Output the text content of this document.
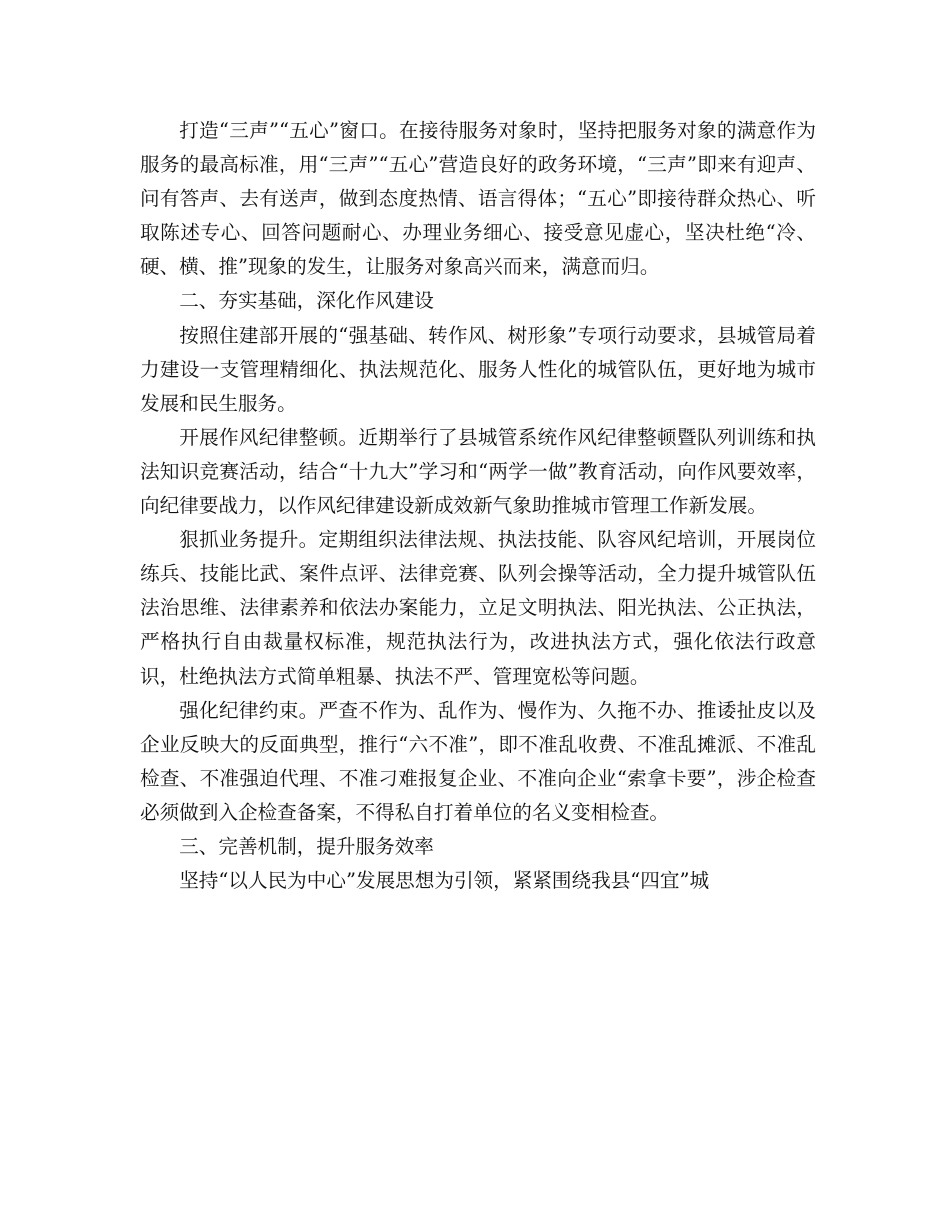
打造“三声”“五心”窗口。在接待服务对象时，坚持把服务对象的满意作为服务的最高标准，用“三声”“五心”营造良好的政务环境，“三声”即来有迎声、问有答声、去有送声，做到态度热情、语言得体；“五心”即接待群众热心、听取陈述专心、回答问题耐心、办理业务细心、接受意见虚心，坚决杜绝“冷、硬、横、推”现象的发生，让服务对象高兴而来，满意而归。

二、夯实基础，深化作风建设

按照住建部开展的“强基础、转作风、树形象”专项行动要求，县城管局着力建设一支管理精细化、执法规范化、服务人性化的城管队伍，更好地为城市发展和民生服务。

开展作风纪律整顿。近期举行了县城管系统作风纪律整顿暨队列训练和执法知识竞赛活动，结合“十九大”学习和“两学一做”教育活动，向作风要效率，向纪律要战力，以作风纪律建设新成效新气象助推城市管理工作新发展。

狠抓业务提升。定期组织法律法规、执法技能、队容风纪培训，开展岗位练兵、技能比武、案件点评、法律竞赛、队列会操等活动，全力提升城管队伍法治思维、法律素养和依法办案能力，立足文明执法、阳光执法、公正执法，严格执行自由裁量权标准，规范执法行为，改进执法方式，强化依法行政意识，杜绝执法方式简单粗暴、执法不严、管理宽松等问题。

强化纪律约束。严查不作为、乱作为、慢作为、久拖不办、推诿扯皮以及企业反映大的反面典型，推行“六不准”，即不准乱收费、不准乱摊派、不准乱检查、不准强迫代理、不准刁难报复企业、不准向企业“索拿卡要”，涉企检查必须做到入企检查备案，不得私自打着单位的名义变相检查。

三、完善机制，提升服务效率

坚持“以人民为中心”发展思想为引领，紧紧围绕我县“四宜”城
